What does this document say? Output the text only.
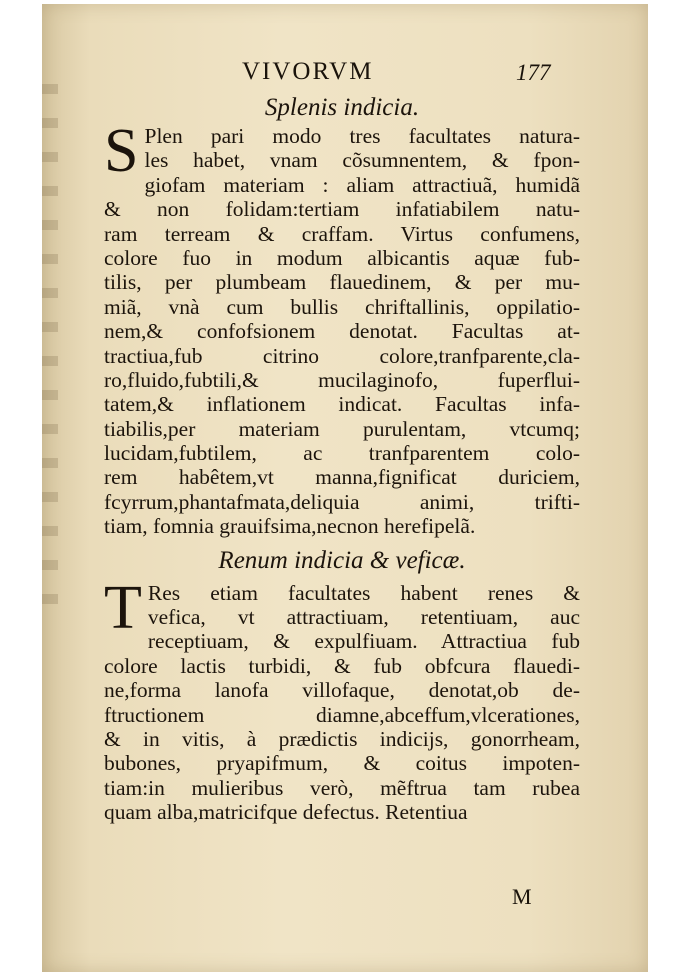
VIVORVM	177
Splenis indicia.
S Plen pari modo tres facultates natura-
les habet, vnam cõsumnentem, & fpon-
giofam materiam : aliam attractiuã, humidã
& non folidam:tertiam infatiabilem natu-
ram terream & craffam. Virtus confumens,
colore fuo in modum albicantis aquæ fub-
tilis, per plumbeam flauedinem, & per mu-
miã, vnà cum bullis chriftallinis, oppilatio-
nem,& confofsionem denotat. Facultas at-
tractiua,fub citrino colore,tranfparente,cla-
ro,fluido,fubtili,& mucilaginofo, fuperflui-
tatem,& inflationem indicat. Facultas infa-
tiabilis,per materiam purulentam, vtcumq;
lucidam,fubtilem, ac tranfparentem colo-
rem habêtem,vt manna,fignificat duriciem,
fcyrrum,phantafmata,deliquia animi, trifti-
tiam, fomnia grauifsima,necnon herefipelã.
Renum indicia & veficæ.
T Res etiam facultates habent renes &
vefica, vt attractiuam, retentiuam, auc
receptiuam, & expulfiuam. Attractiua fub
colore lactis turbidi, & fub obfcura flauedi-
ne,forma lanofa villofaque, denotat,ob de-
ftructionem diamne,abceffum,vlcerationes,
& in vitis, à prædictis indicijs, gonorrheam,
bubones, pryapifmum, & coitus impoten-
tiam:in mulieribus verò, mẽftrua tam rubea
quam alba,matricifque defectus. Retentiua
M
